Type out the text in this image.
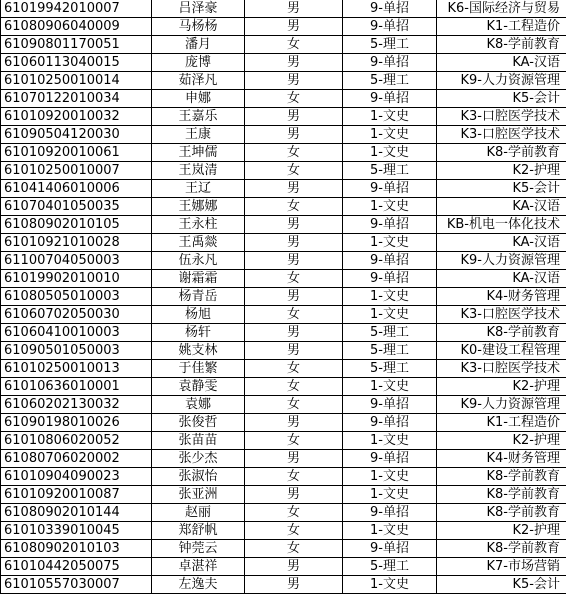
61019942010007	吕泽豪	男	9-单招	K6-国际经济与贸易
61080906040009	马杨杨	男	9-单招	K1-工程造价
61090801170051	潘月	女	5-理工	K8-学前教育
61060113040015	庞博	男	9-单招	KA-汉语
61010250010014	茹泽凡	男	5-理工	K9-人力资源管理
61070122010034	申娜	女	9-单招	K5-会计
61010920010032	王嘉乐	男	1-文史	K3-口腔医学技术
61090504120030	王康	男	1-文史	K3-口腔医学技术
61010920010061	王坤儒	女	1-文史	K8-学前教育
61010250010007	王岚清	女	5-理工	K2-护理
61041406010006	王辽	男	9-单招	K5-会计
61070401050035	王娜娜	女	1-文史	KA-汉语
61080902010105	王永柱	男	9-单招	KB-机电一体化技术
61010921010028	王禹燚	男	1-文史	KA-汉语
61100704050003	伍永凡	男	9-单招	K9-人力资源管理
61019902010010	谢霜霜	女	9-单招	KA-汉语
61080505010003	杨青岳	男	1-文史	K4-财务管理
61060702050030	杨旭	女	1-文史	K3-口腔医学技术
61060410010003	杨轩	男	5-理工	K8-学前教育
61090501050003	姚支林	男	5-理工	K0-建设工程管理
61010250010013	于佳繁	女	5-理工	K3-口腔医学技术
61010636010001	袁静雯	女	1-文史	K2-护理
61060202130032	袁娜	女	9-单招	K9-人力资源管理
61090198010026	张俊哲	男	9-单招	K1-工程造价
61010806020052	张苗苗	女	1-文史	K2-护理
61080706020002	张少杰	男	9-单招	K4-财务管理
61010904090023	张淑怡	女	1-文史	K8-学前教育
61010920010087	张亚洲	男	1-文史	K8-学前教育
61080902010144	赵丽	女	9-单招	K8-学前教育
61010339010045	郑舒帆	女	1-文史	K2-护理
61080902010103	钟莞云	女	9-单招	K8-学前教育
61010442050075	卓湛祥	男	5-理工	K7-市场营销
61010557030007	左逸夫	男	1-文史	K5-会计
